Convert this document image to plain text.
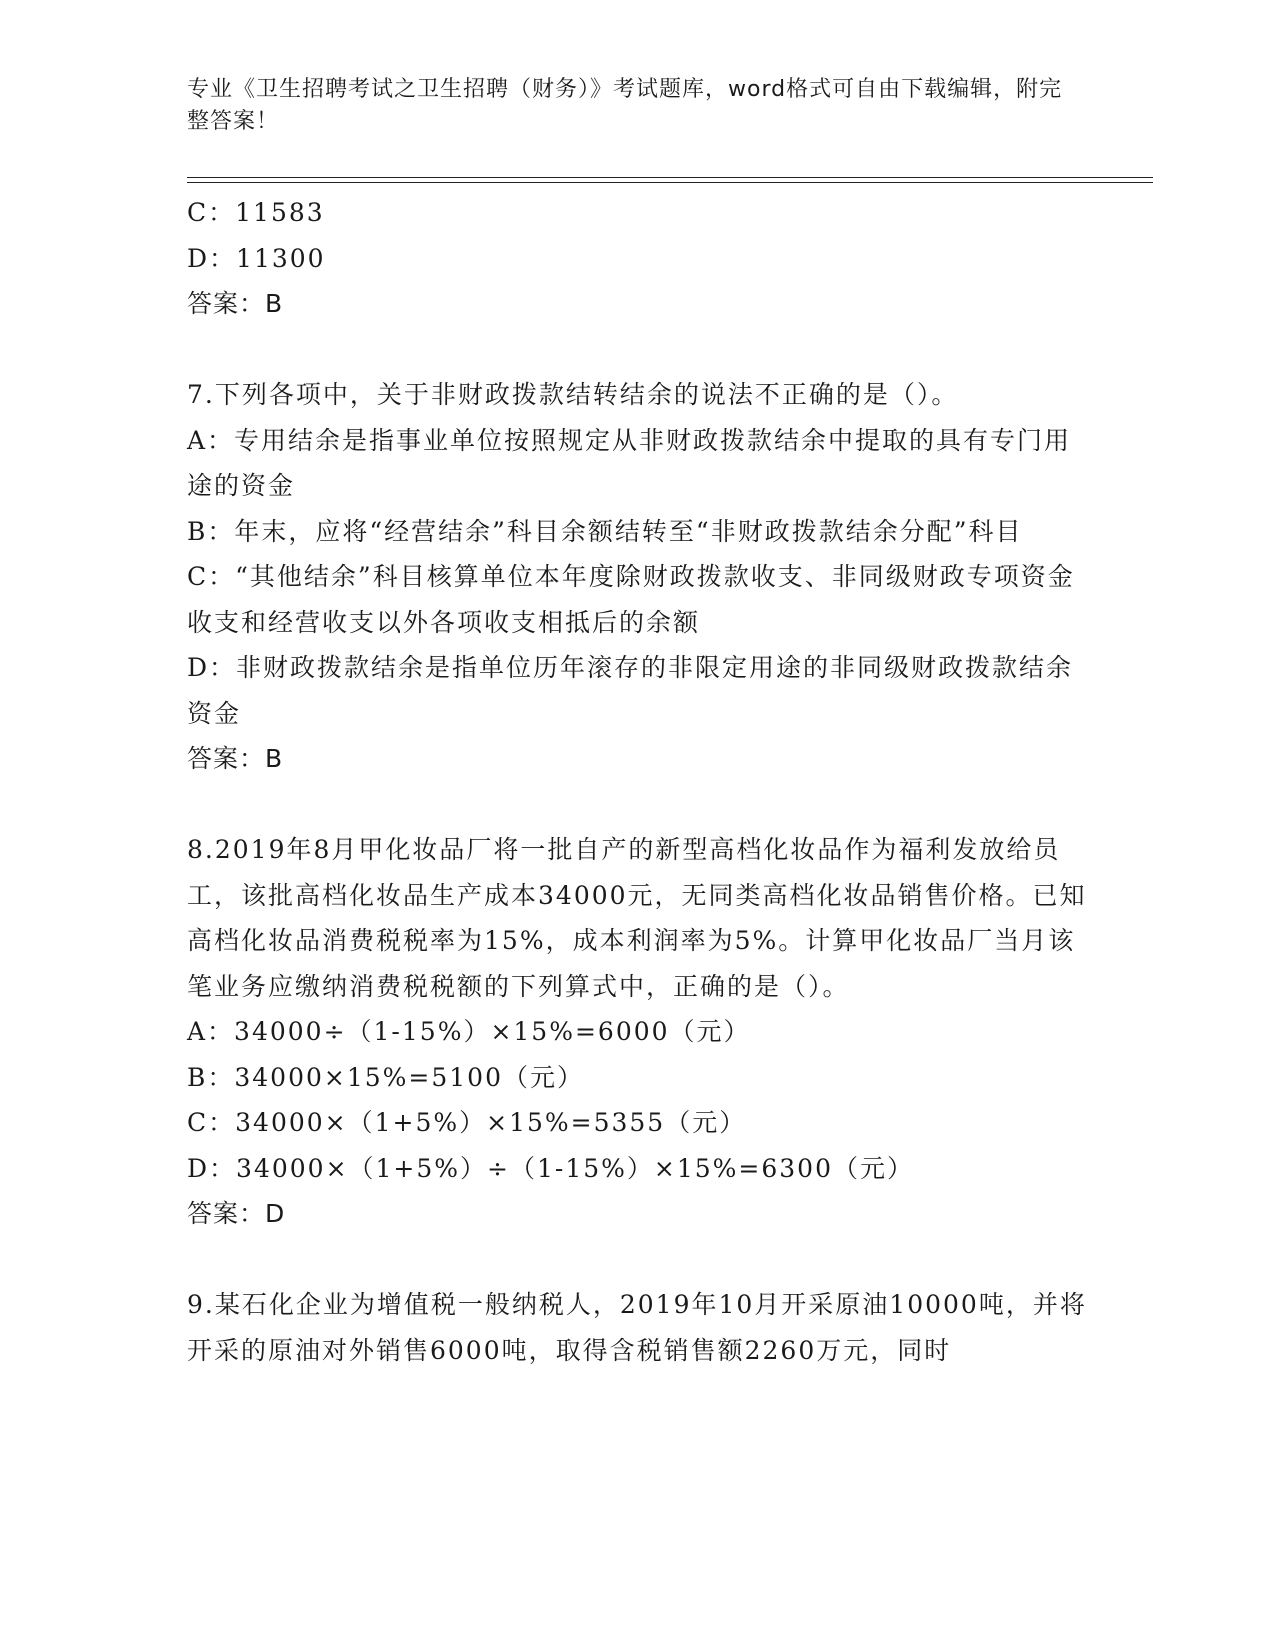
专业《卫生招聘考试之卫生招聘（财务）》考试题库，word格式可自由下载编辑，附完整答案！

C：11583

D：11300

答案：B

7.下列各项中，关于非财政拨款结转结余的说法不正确的是（）。

A：专用结余是指事业单位按照规定从非财政拨款结余中提取的具有专门用途的资金

B：年末，应将“经营结余”科目余额结转至“非财政拨款结余分配”科目

C：“其他结余”科目核算单位本年度除财政拨款收支、非同级财政专项资金收支和经营收支以外各项收支相抵后的余额

D：非财政拨款结余是指单位历年滚存的非限定用途的非同级财政拨款结余资金

答案：B

8.2019年8月甲化妆品厂将一批自产的新型高档化妆品作为福利发放给员工，该批高档化妆品生产成本34000元，无同类高档化妆品销售价格。已知高档化妆品消费税税率为15%，成本利润率为5%。计算甲化妆品厂当月该笔业务应缴纳消费税税额的下列算式中，正确的是（）。

A：34000÷（1-15%）×15%=6000（元）

B：34000×15%=5100（元）

C：34000×（1+5%）×15%=5355（元）

D：34000×（1+5%）÷（1-15%）×15%=6300（元）

答案：D

9.某石化企业为增值税一般纳税人，2019年10月开采原油10000吨，并将开采的原油对外销售6000吨，取得含税销售额2260万元，同时
